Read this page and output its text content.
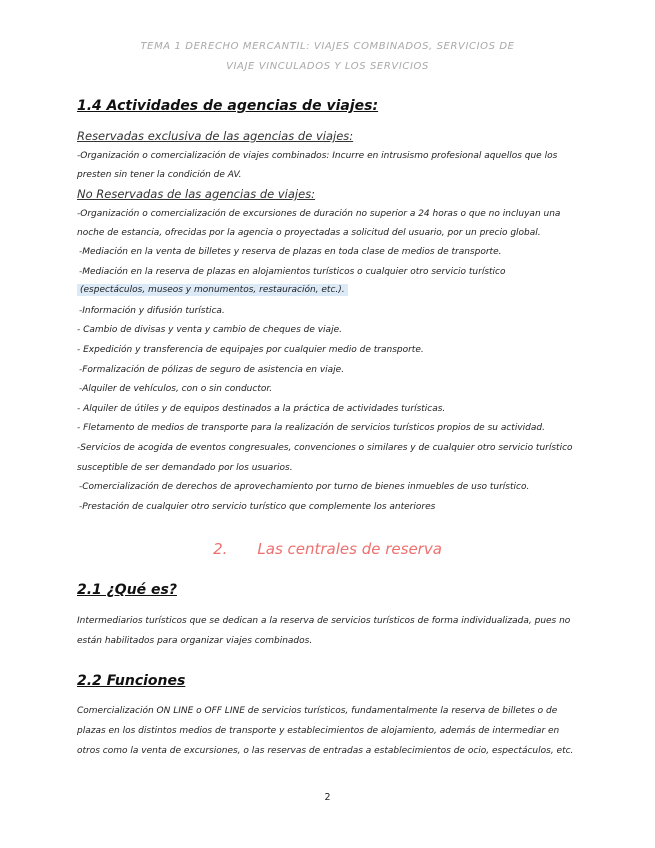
TEMA 1 DERECHO MERCANTIL: VIAJES COMBINADOS, SERVICIOS DE
VIAJE VINCULADOS Y LOS SERVICIOS
1.4 Actividades de agencias de viajes:
Reservadas exclusiva de las agencias de viajes:
-Organización o comercialización de viajes combinados: Incurre en intrusismo profesional aquellos que los
presten sin tener la condición de AV.
No Reservadas de las agencias de viajes:
-Organización o comercialización de excursiones de duración no superior a 24 horas o que no incluyan una
noche de estancia, ofrecidas por la agencia o proyectadas a solicitud del usuario, por un precio global.
-Mediación en la venta de billetes y reserva de plazas en toda clase de medios de transporte.
-Mediación en la reserva de plazas en alojamientos turísticos o cualquier otro servicio turístico
(espectáculos, museos y monumentos, restauración, etc.).
-Información y difusión turística.
- Cambio de divisas y venta y cambio de cheques de viaje.
- Expedición y transferencia de equipajes por cualquier medio de transporte.
-Formalización de pólizas de seguro de asistencia en viaje.
-Alquiler de vehículos, con o sin conductor.
- Alquiler de útiles y de equipos destinados a la práctica de actividades turísticas.
- Fletamento de medios de transporte para la realización de servicios turísticos propios de su actividad.
-Servicios de acogida de eventos congresuales, convenciones o similares y de cualquier otro servicio turístico
susceptible de ser demandado por los usuarios.
-Comercialización de derechos de aprovechamiento por turno de bienes inmuebles de uso turístico.
-Prestación de cualquier otro servicio turístico que complemente los anteriores
2. Las centrales de reserva
2.1 ¿Qué es?
Intermediarios turísticos que se dedican a la reserva de servicios turísticos de forma individualizada, pues no
están habilitados para organizar viajes combinados.
2.2 Funciones
Comercialización ON LINE o OFF LINE de servicios turísticos, fundamentalmente la reserva de billetes o de
plazas en los distintos medios de transporte y establecimientos de alojamiento, además de intermediar en
otros como la venta de excursiones, o las reservas de entradas a establecimientos de ocio, espectáculos, etc.
2
